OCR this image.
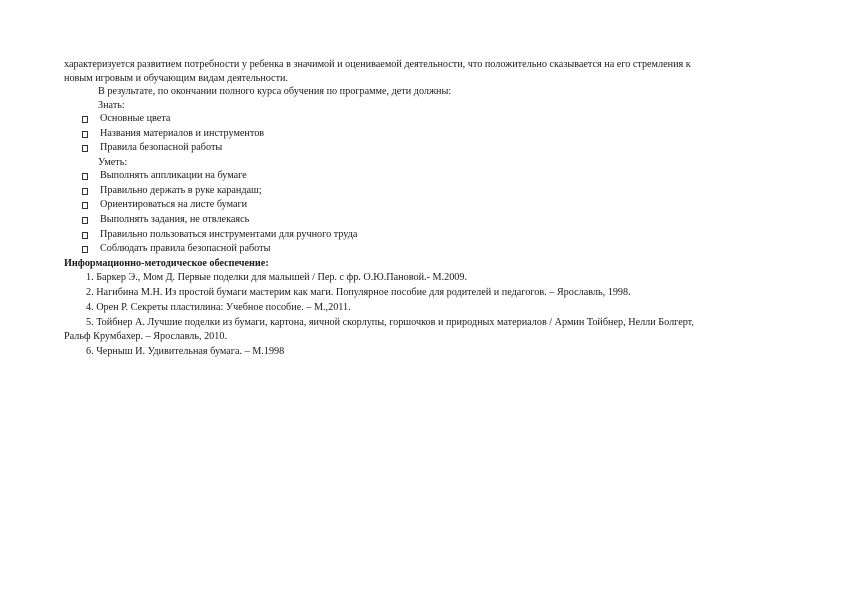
характеризуется развитием потребности у ребенка в значимой и оцениваемой деятельности, что положительно сказывается на его стремления к
новым игровым и обучающим видам деятельности.
В результате, по окончании полного курса обучения по программе, дети должны:
Знать:
Основные цвета
Названия материалов и инструментов
Правила безопасной работы
Уметь:
Выполнять аппликации на бумаге
Правильно держать в руке карандаш;
Ориентироваться на листе бумаги
Выполнять задания, не отвлекаясь
Правильно пользоваться инструментами для ручного труда
Соблюдать правила безопасной работы
Информационно-методическое обеспечение:
1. Баркер Э., Мом Д. Первые поделки для малышей / Пер. с фр. О.Ю.Пановой.- М.2009.
2. Нагибина М.Н. Из простой бумаги мастерим как маги. Популярное пособие для родителей и педагогов. – Ярославль, 1998.
4. Орен Р. Секреты пластилина: Учебное пособие. – М.,2011.
5. Тойбнер А. Лучшие поделки из бумаги, картона, яичной скорлупы, горшочков и природных материалов / Армин Тойбнер, Нелли Болгерт,
Ральф Крумбахер. – Ярославль, 2010.
6. Черныш И. Удивительная бумага. – М.1998
